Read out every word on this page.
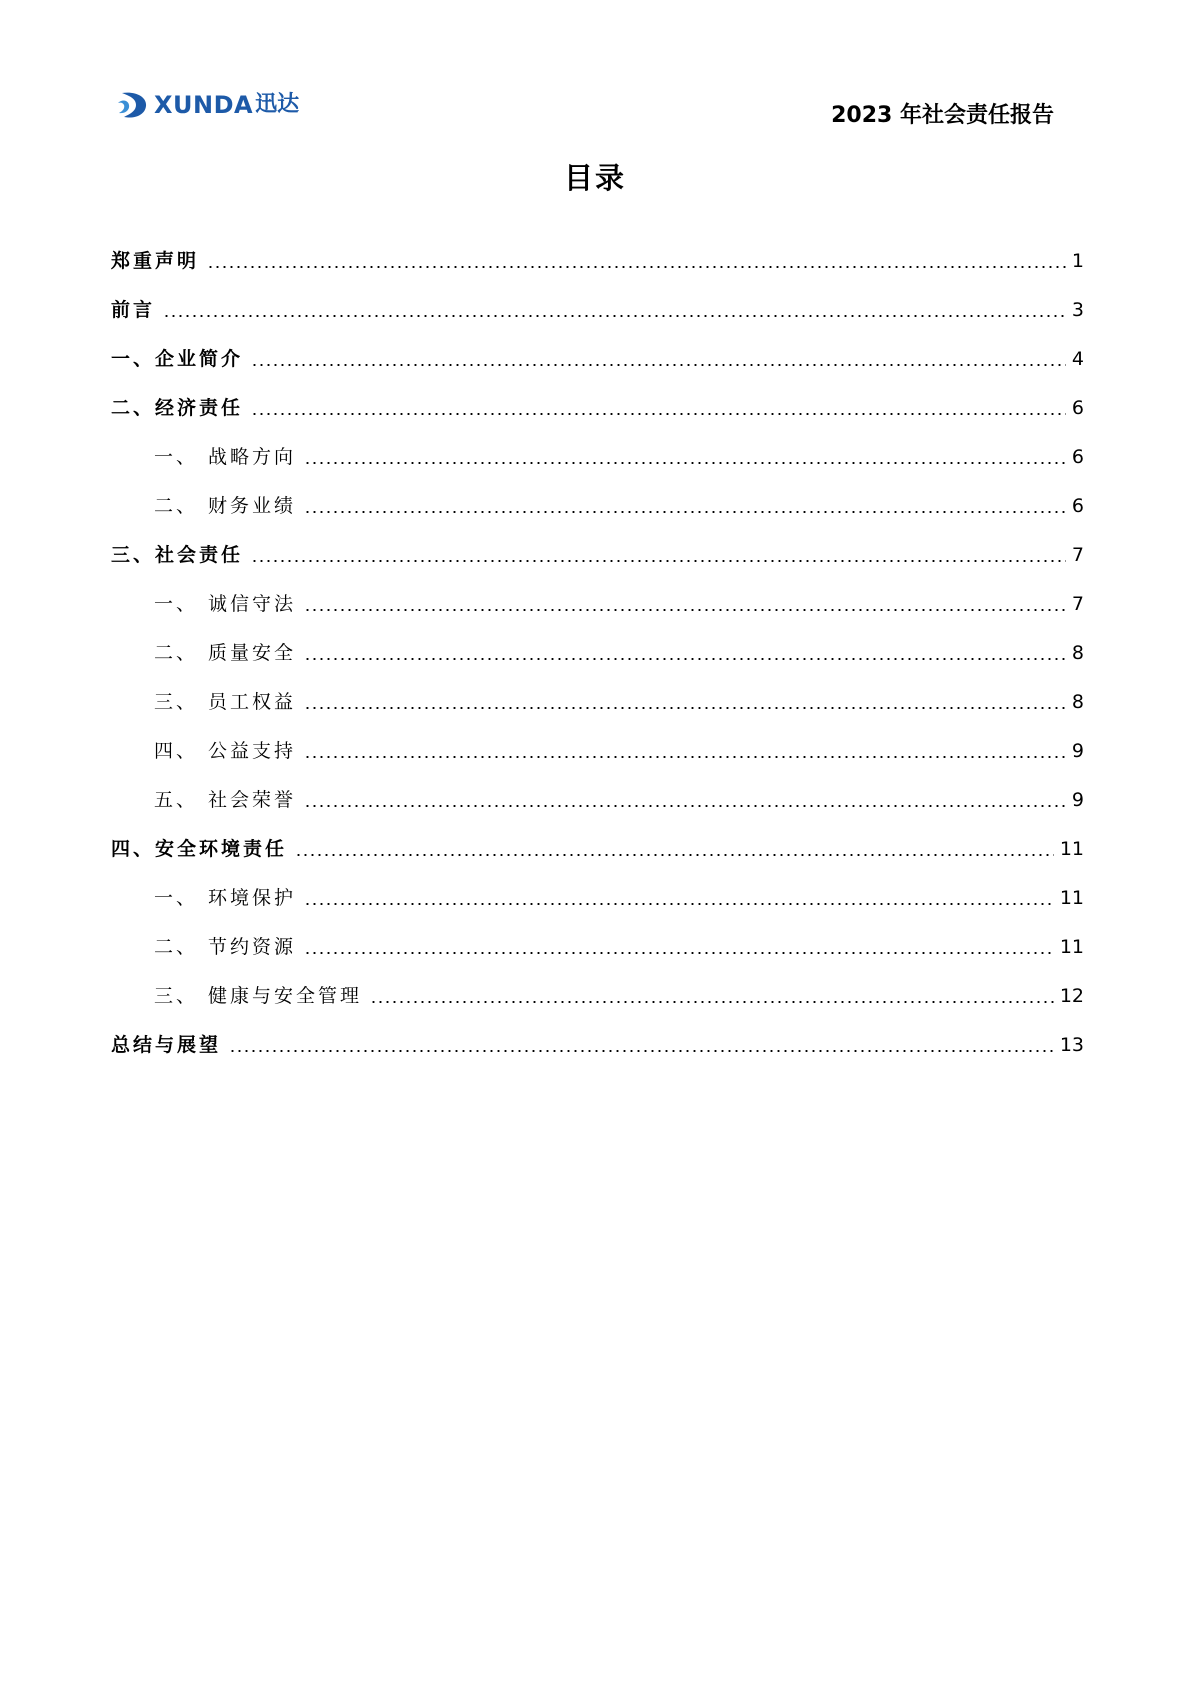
XUNDA 迅达	2023 年社会责任报告
目录
郑重声明	1
前言	3
一、企业简介	4
二、经济责任	6
一、 战略方向	6
二、 财务业绩	6
三、社会责任	7
一、 诚信守法	7
二、 质量安全	8
三、 员工权益	8
四、 公益支持	9
五、 社会荣誉	9
四、安全环境责任	11
一、 环境保护	11
二、 节约资源	11
三、 健康与安全管理	12
总结与展望	13
